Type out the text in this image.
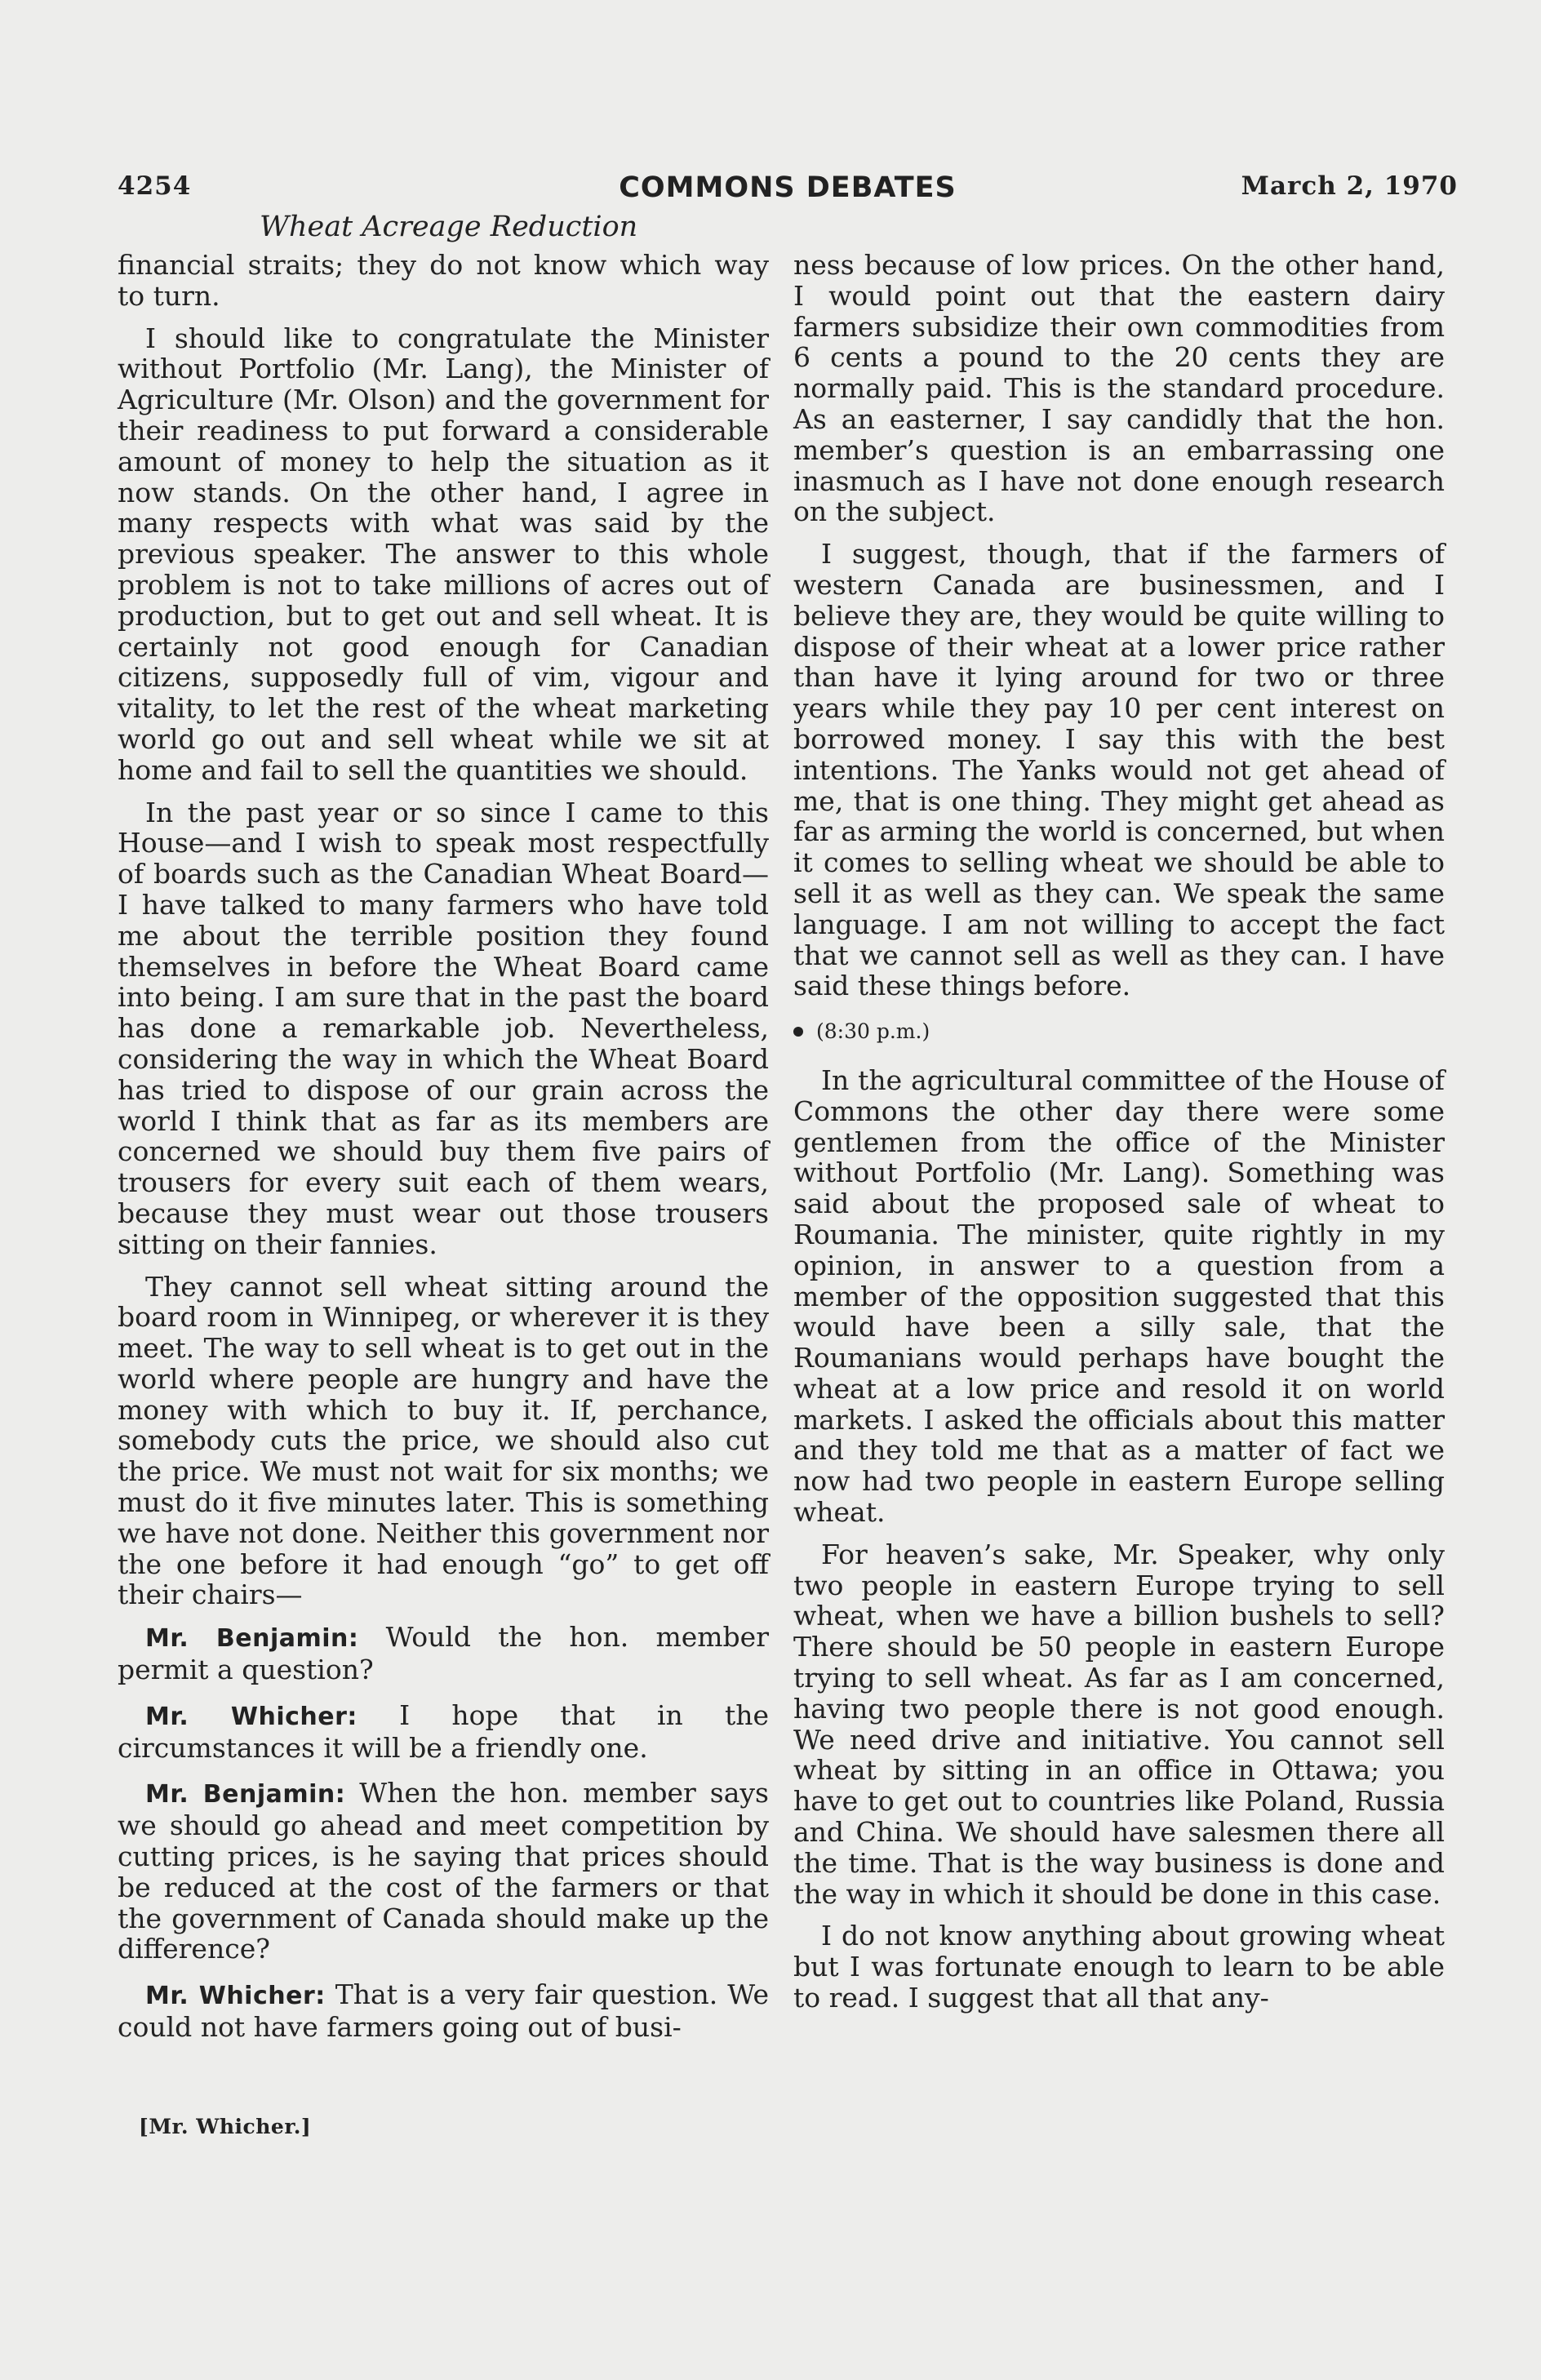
4254	COMMONS DEBATES	March 2, 1970
Wheat Acreage Reduction

financial straits; they do not know which way to turn.

I should like to congratulate the Minister without Portfolio (Mr. Lang), the Minister of Agriculture (Mr. Olson) and the government for their readiness to put forward a considerable amount of money to help the situation as it now stands. On the other hand, I agree in many respects with what was said by the previous speaker. The answer to this whole problem is not to take millions of acres out of production, but to get out and sell wheat. It is certainly not good enough for Canadian citizens, supposedly full of vim, vigour and vitality, to let the rest of the wheat marketing world go out and sell wheat while we sit at home and fail to sell the quantities we should.

In the past year or so since I came to this House—and I wish to speak most respectfully of boards such as the Canadian Wheat Board—I have talked to many farmers who have told me about the terrible position they found themselves in before the Wheat Board came into being. I am sure that in the past the board has done a remarkable job. Nevertheless, considering the way in which the Wheat Board has tried to dispose of our grain across the world I think that as far as its members are concerned we should buy them five pairs of trousers for every suit each of them wears, because they must wear out those trousers sitting on their fannies.

They cannot sell wheat sitting around the board room in Winnipeg, or wherever it is they meet. The way to sell wheat is to get out in the world where people are hungry and have the money with which to buy it. If, perchance, somebody cuts the price, we should also cut the price. We must not wait for six months; we must do it five minutes later. This is something we have not done. Neither this government nor the one before it had enough “go” to get off their chairs—

Mr. Benjamin: Would the hon. member permit a question?

Mr. Whicher: I hope that in the circumstances it will be a friendly one.

Mr. Benjamin: When the hon. member says we should go ahead and meet competition by cutting prices, is he saying that prices should be reduced at the cost of the farmers or that the government of Canada should make up the difference?

Mr. Whicher: That is a very fair question. We could not have farmers going out of busi-

ness because of low prices. On the other hand, I would point out that the eastern dairy farmers subsidize their own commodities from 6 cents a pound to the 20 cents they are normally paid. This is the standard procedure. As an easterner, I say candidly that the hon. member’s question is an embarrassing one inasmuch as I have not done enough research on the subject.

I suggest, though, that if the farmers of western Canada are businessmen, and I believe they are, they would be quite willing to dispose of their wheat at a lower price rather than have it lying around for two or three years while they pay 10 per cent interest on borrowed money. I say this with the best intentions. The Yanks would not get ahead of me, that is one thing. They might get ahead as far as arming the world is concerned, but when it comes to selling wheat we should be able to sell it as well as they can. We speak the same language. I am not willing to accept the fact that we cannot sell as well as they can. I have said these things before.

(8:30 p.m.)

In the agricultural committee of the House of Commons the other day there were some gentlemen from the office of the Minister without Portfolio (Mr. Lang). Something was said about the proposed sale of wheat to Roumania. The minister, quite rightly in my opinion, in answer to a question from a member of the opposition suggested that this would have been a silly sale, that the Roumanians would perhaps have bought the wheat at a low price and resold it on world markets. I asked the officials about this matter and they told me that as a matter of fact we now had two people in eastern Europe selling wheat.

For heaven’s sake, Mr. Speaker, why only two people in eastern Europe trying to sell wheat, when we have a billion bushels to sell? There should be 50 people in eastern Europe trying to sell wheat. As far as I am concerned, having two people there is not good enough. We need drive and initiative. You cannot sell wheat by sitting in an office in Ottawa; you have to get out to countries like Poland, Russia and China. We should have salesmen there all the time. That is the way business is done and the way in which it should be done in this case.

I do not know anything about growing wheat but I was fortunate enough to learn to be able to read. I suggest that all that any-

[Mr. Whicher.]
